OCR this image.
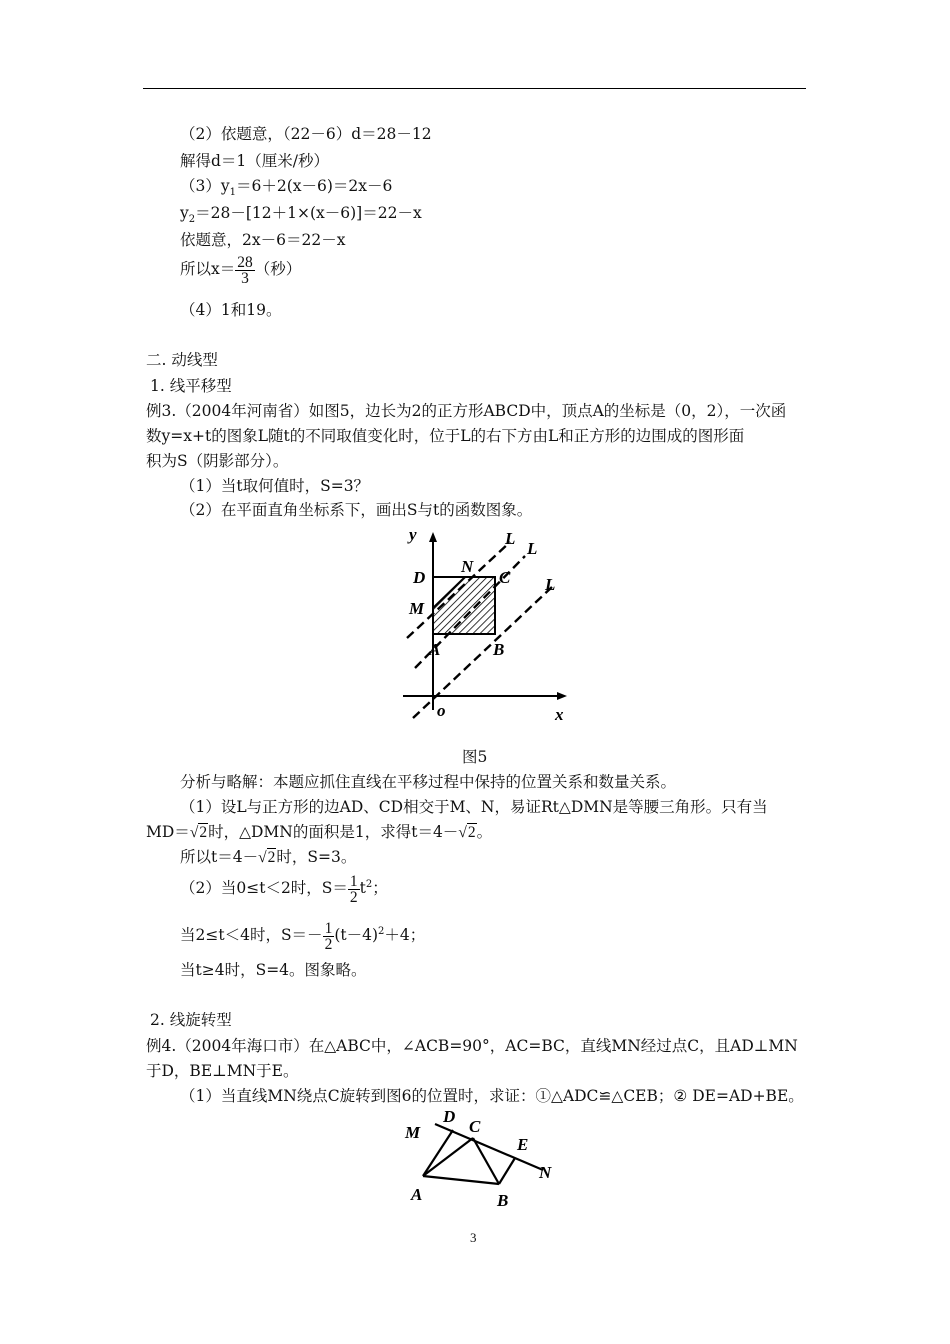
（2）依题意，（22－6）d＝28－12
解得d＝1（厘米/秒）
$(3)y_1=6+2(x-6)=2x-6$
$y_2=28-[12+1\times(x-6)]=22-x$
依题意，2x－6＝22－x
所以$x= \frac{28}{3}$ （秒）
（4）1和19。
二. 动线型
1. 线平移型
例3.（2004年河南省）如图5，边长为2的正方形ABCD中，顶点A的坐标是（0，2），一次函
数y=x+t的图象L随t的不同取值变化时，位于L的右下方由L和正方形的边围成的图形面
积为S（阴影部分）。
（1）当t取何值时，S=3？
（2）在平面直角坐标系下，画出S与t的函数图象。
y
x
o
D
N
C
M
A	B
L
L
L
图5
分析与略解：本题应抓住直线在平移过程中保持的位置关系和数量关系。
（1）设L与正方形的边AD、CD相交于M、N，易证Rt△DMN是等腰三角形。只有当
MD＝√2时，△DMN的面积是1，求得t＝4－√2。
所以t＝4－√2时，S=3。
（2）当0≤t＜2时，$S= \frac{1}{2} t^2$；
当2≤t＜4时，$S=- \frac{1}{2} (t-4)^2+4$；
当t≥4时，S=4。图象略。
2. 线旋转型
例4.（2004年海口市）在△ABC中，∠ACB=90°，AC=BC，直线MN经过点C，且AD⊥MN
于D，BE⊥MN于E。
（1）当直线MN绕点C旋转到图6的位置时，求证：①△ADC≌△CEB；② DE=AD+BE。
M
D
C
E
N
A	B
3
